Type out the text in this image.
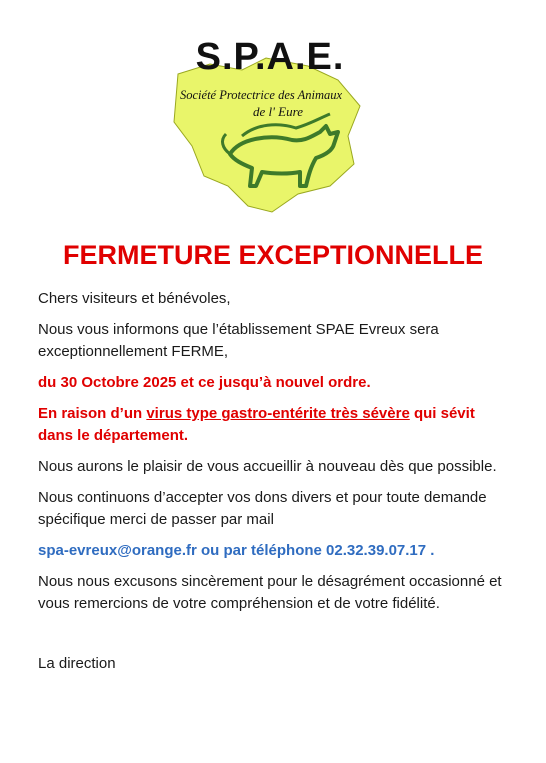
S.P.A.E.
Société Protectrice des Animaux
de l' Eure
FERMETURE EXCEPTIONNELLE

Chers visiteurs et bénévoles,

Nous vous informons que l’établissement SPAE Evreux sera exceptionnellement FERME,

du 30 Octobre 2025 et ce jusqu’à nouvel ordre.

En raison d’un virus type gastro-entérite très sévère qui sévit dans le département.

Nous aurons le plaisir de vous accueillir à nouveau dès que possible.

Nous continuons d’accepter vos dons divers et pour toute demande spécifique merci de passer par mail

spa-evreux@orange.fr ou par téléphone 02.32.39.07.17 .

Nous nous excusons sincèrement pour le désagrément occasionné et vous remercions de votre compréhension et de votre fidélité.

La direction
